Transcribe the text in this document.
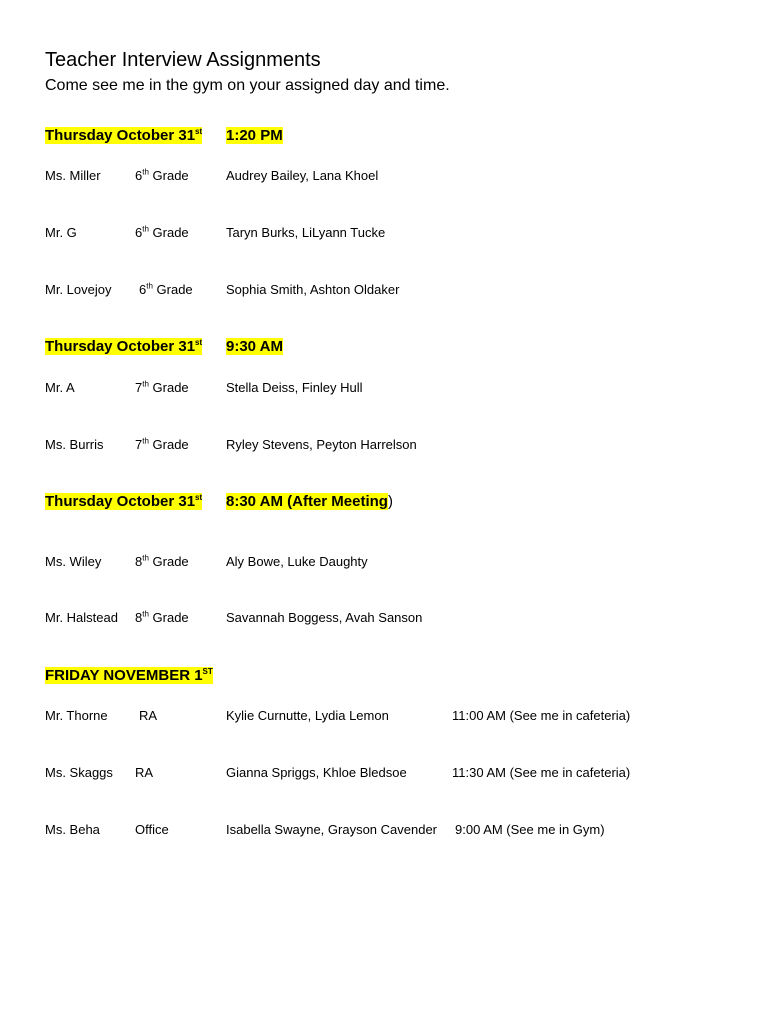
Teacher Interview Assignments
Come see me in the gym on your assigned day and time.
Thursday October 31st 1:20 PM
Ms. Miller	6th Grade	Audrey Bailey, Lana Khoel
Mr. G	6th Grade	Taryn Burks, LiLyann Tucke
Mr. Lovejoy 6th Grade	Sophia Smith, Ashton Oldaker
Thursday October 31st 9:30 AM
Mr. A	7th Grade	Stella Deiss, Finley Hull
Ms. Burris 7th Grade	Ryley Stevens, Peyton Harrelson
Thursday October 31st 8:30 AM (After Meeting)
Ms. Wiley	8th Grade	Aly Bowe, Luke Daughty
Mr. Halstead 8th Grade	Savannah Boggess, Avah Sanson
FRIDAY NOVEMBER 1ST
Mr. Thorne RA	Kylie Curnutte, Lydia Lemon	11:00 AM (See me in cafeteria)
Ms. Skaggs RA	Gianna Spriggs, Khloe Bledsoe	11:30 AM (See me in cafeteria)
Ms. Beha	Office	Isabella Swayne, Grayson Cavender 9:00 AM (See me in Gym)
